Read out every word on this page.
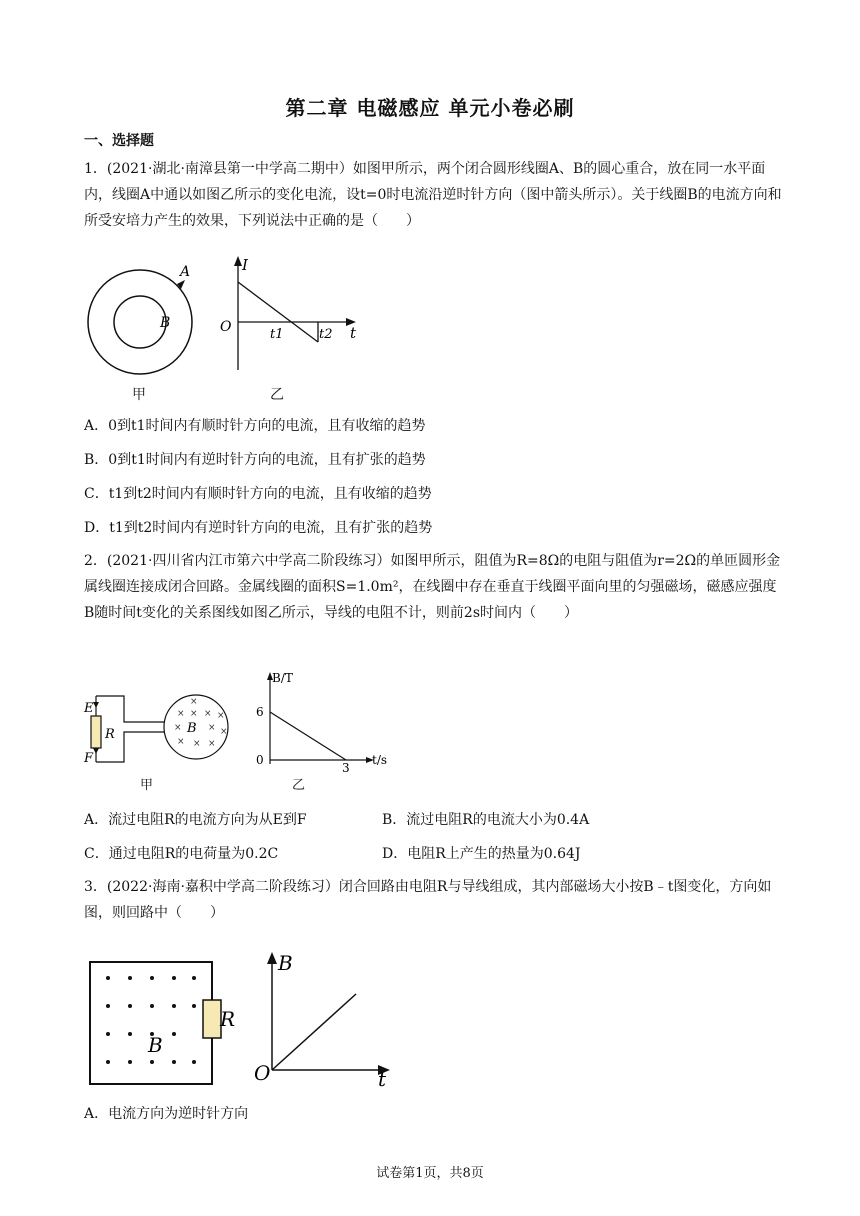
第二章 电磁感应 单元小卷必刷
一、选择题
1．(2021·湖北·南漳县第一中学高二期中）如图甲所示，两个闭合圆形线圈A、B的圆心重合，放在同一水平面内，线圈A中通以如图乙所示的变化电流，设t=0时电流沿逆时针方向（图中箭头所示）。关于线圈B的电流方向和所受安培力产生的效果，下列说法中正确的是（　　）
A
B
甲
I
O	t1	t2 t
乙
A．0到t1时间内有顺时针方向的电流，且有收缩的趋势
B．0到t1时间内有逆时针方向的电流，且有扩张的趋势
C．t1到t2时间内有顺时针方向的电流，且有收缩的趋势
D．t1到t2时间内有逆时针方向的电流，且有扩张的趋势
2．(2021·四川省内江市第六中学高二阶段练习）如图甲所示，阻值为R=8Ω的电阻与阻值为r=2Ω的单匝圆形金属线圈连接成闭合回路。金属线圈的面积S=1.0m²，在线圈中存在垂直于线圈平面向里的匀强磁场，磁感应强度B随时间t变化的关系图线如图乙所示，导线的电阻不计，则前2s时间内（　　）
E
F
R	B
×
× × × ×
×	× ×
× × ×
甲
B/T
6
0
3
t/s
乙
A．流过电阻R的电流方向为从E到F	B．流过电阻R的电流大小为0.4A
C．通过电阻R的电荷量为0.2C	D．电阻R上产生的热量为0.64J
3．(2022·海南·嘉积中学高二阶段练习）闭合回路由电阻R与导线组成，其内部磁场大小按B﹣t图变化，方向如图，则回路中（　　）
R
B
B
O	t
A．电流方向为逆时针方向
试卷第1页，共8页
